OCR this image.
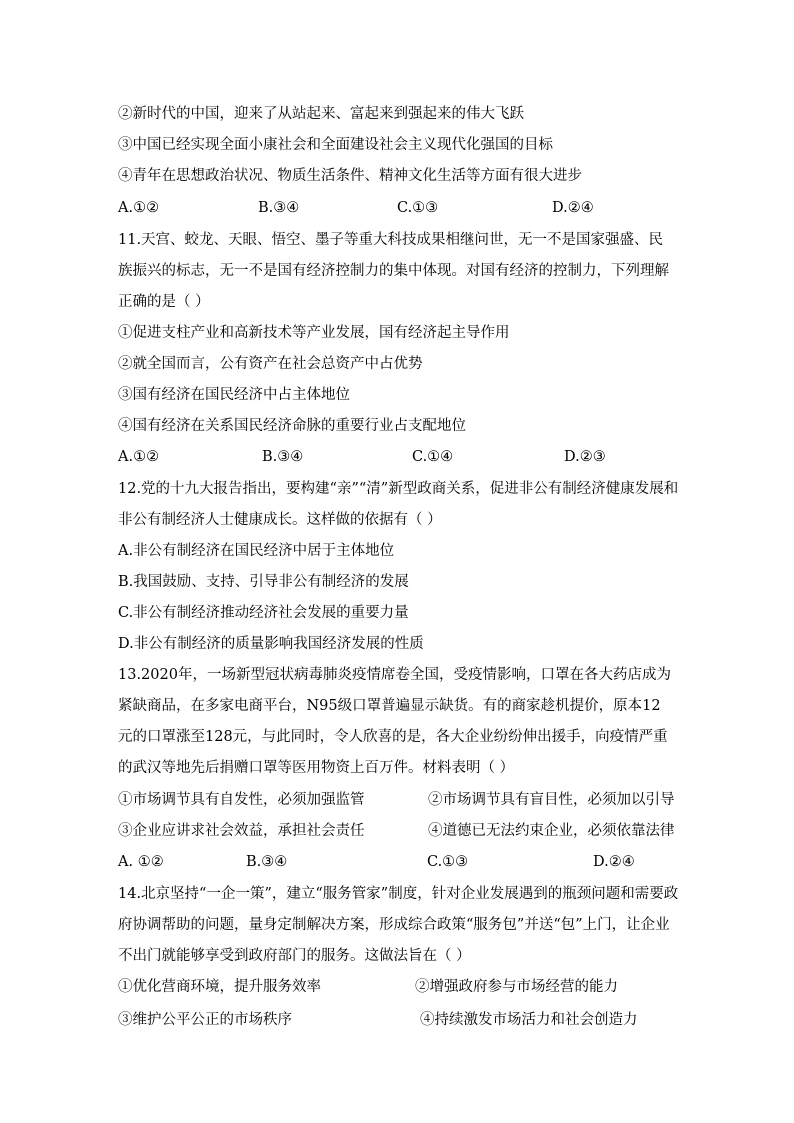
②新时代的中国，迎来了从站起来、富起来到强起来的伟大飞跃
③中国已经实现全面小康社会和全面建设社会主义现代化强国的目标
④青年在思想政治状况、物质生活条件、精神文化生活等方面有很大进步
A.①②	B.③④	C.①③	D.②④
11.天宫、蛟龙、天眼、悟空、墨子等重大科技成果相继问世，无一不是国家强盛、民
族振兴的标志，无一不是国有经济控制力的集中体现。对国有经济的控制力，下列理解
正确的是（ ）
①促进支柱产业和高新技术等产业发展，国有经济起主导作用
②就全国而言，公有资产在社会总资产中占优势
③国有经济在国民经济中占主体地位
④国有经济在关系国民经济命脉的重要行业占支配地位
A.①②	B.③④	C.①④	D.②③
12.党的十九大报告指出，要构建“亲”“清”新型政商关系，促进非公有制经济健康发展和
非公有制经济人士健康成长。这样做的依据有（ ）
A.非公有制经济在国民经济中居于主体地位
B.我国鼓励、支持、引导非公有制经济的发展
C.非公有制经济推动经济社会发展的重要力量
D.非公有制经济的质量影响我国经济发展的性质
13.2020年，一场新型冠状病毒肺炎疫情席卷全国，受疫情影响，口罩在各大药店成为
紧缺商品，在多家电商平台，N95级口罩普遍显示缺货。有的商家趁机提价，原本12
元的口罩涨至128元，与此同时，令人欣喜的是，各大企业纷纷伸出援手，向疫情严重
的武汉等地先后捐赠口罩等医用物资上百万件。材料表明（ ）
①市场调节具有自发性，必须加强监管	②市场调节具有盲目性，必须加以引导
③企业应讲求社会效益，承担社会责任	④道德已无法约束企业，必须依靠法律
A. ①②	B.③④	C.①③	D.②④
14.北京坚持“一企一策”，建立“服务管家”制度，针对企业发展遇到的瓶颈问题和需要政
府协调帮助的问题，量身定制解决方案，形成综合政策“服务包”并送“包”上门，让企业
不出门就能够享受到政府部门的服务。这做法旨在（ ）
①优化营商环境，提升服务效率	②增强政府参与市场经营的能力
③维护公平公正的市场秩序	④持续激发市场活力和社会创造力
